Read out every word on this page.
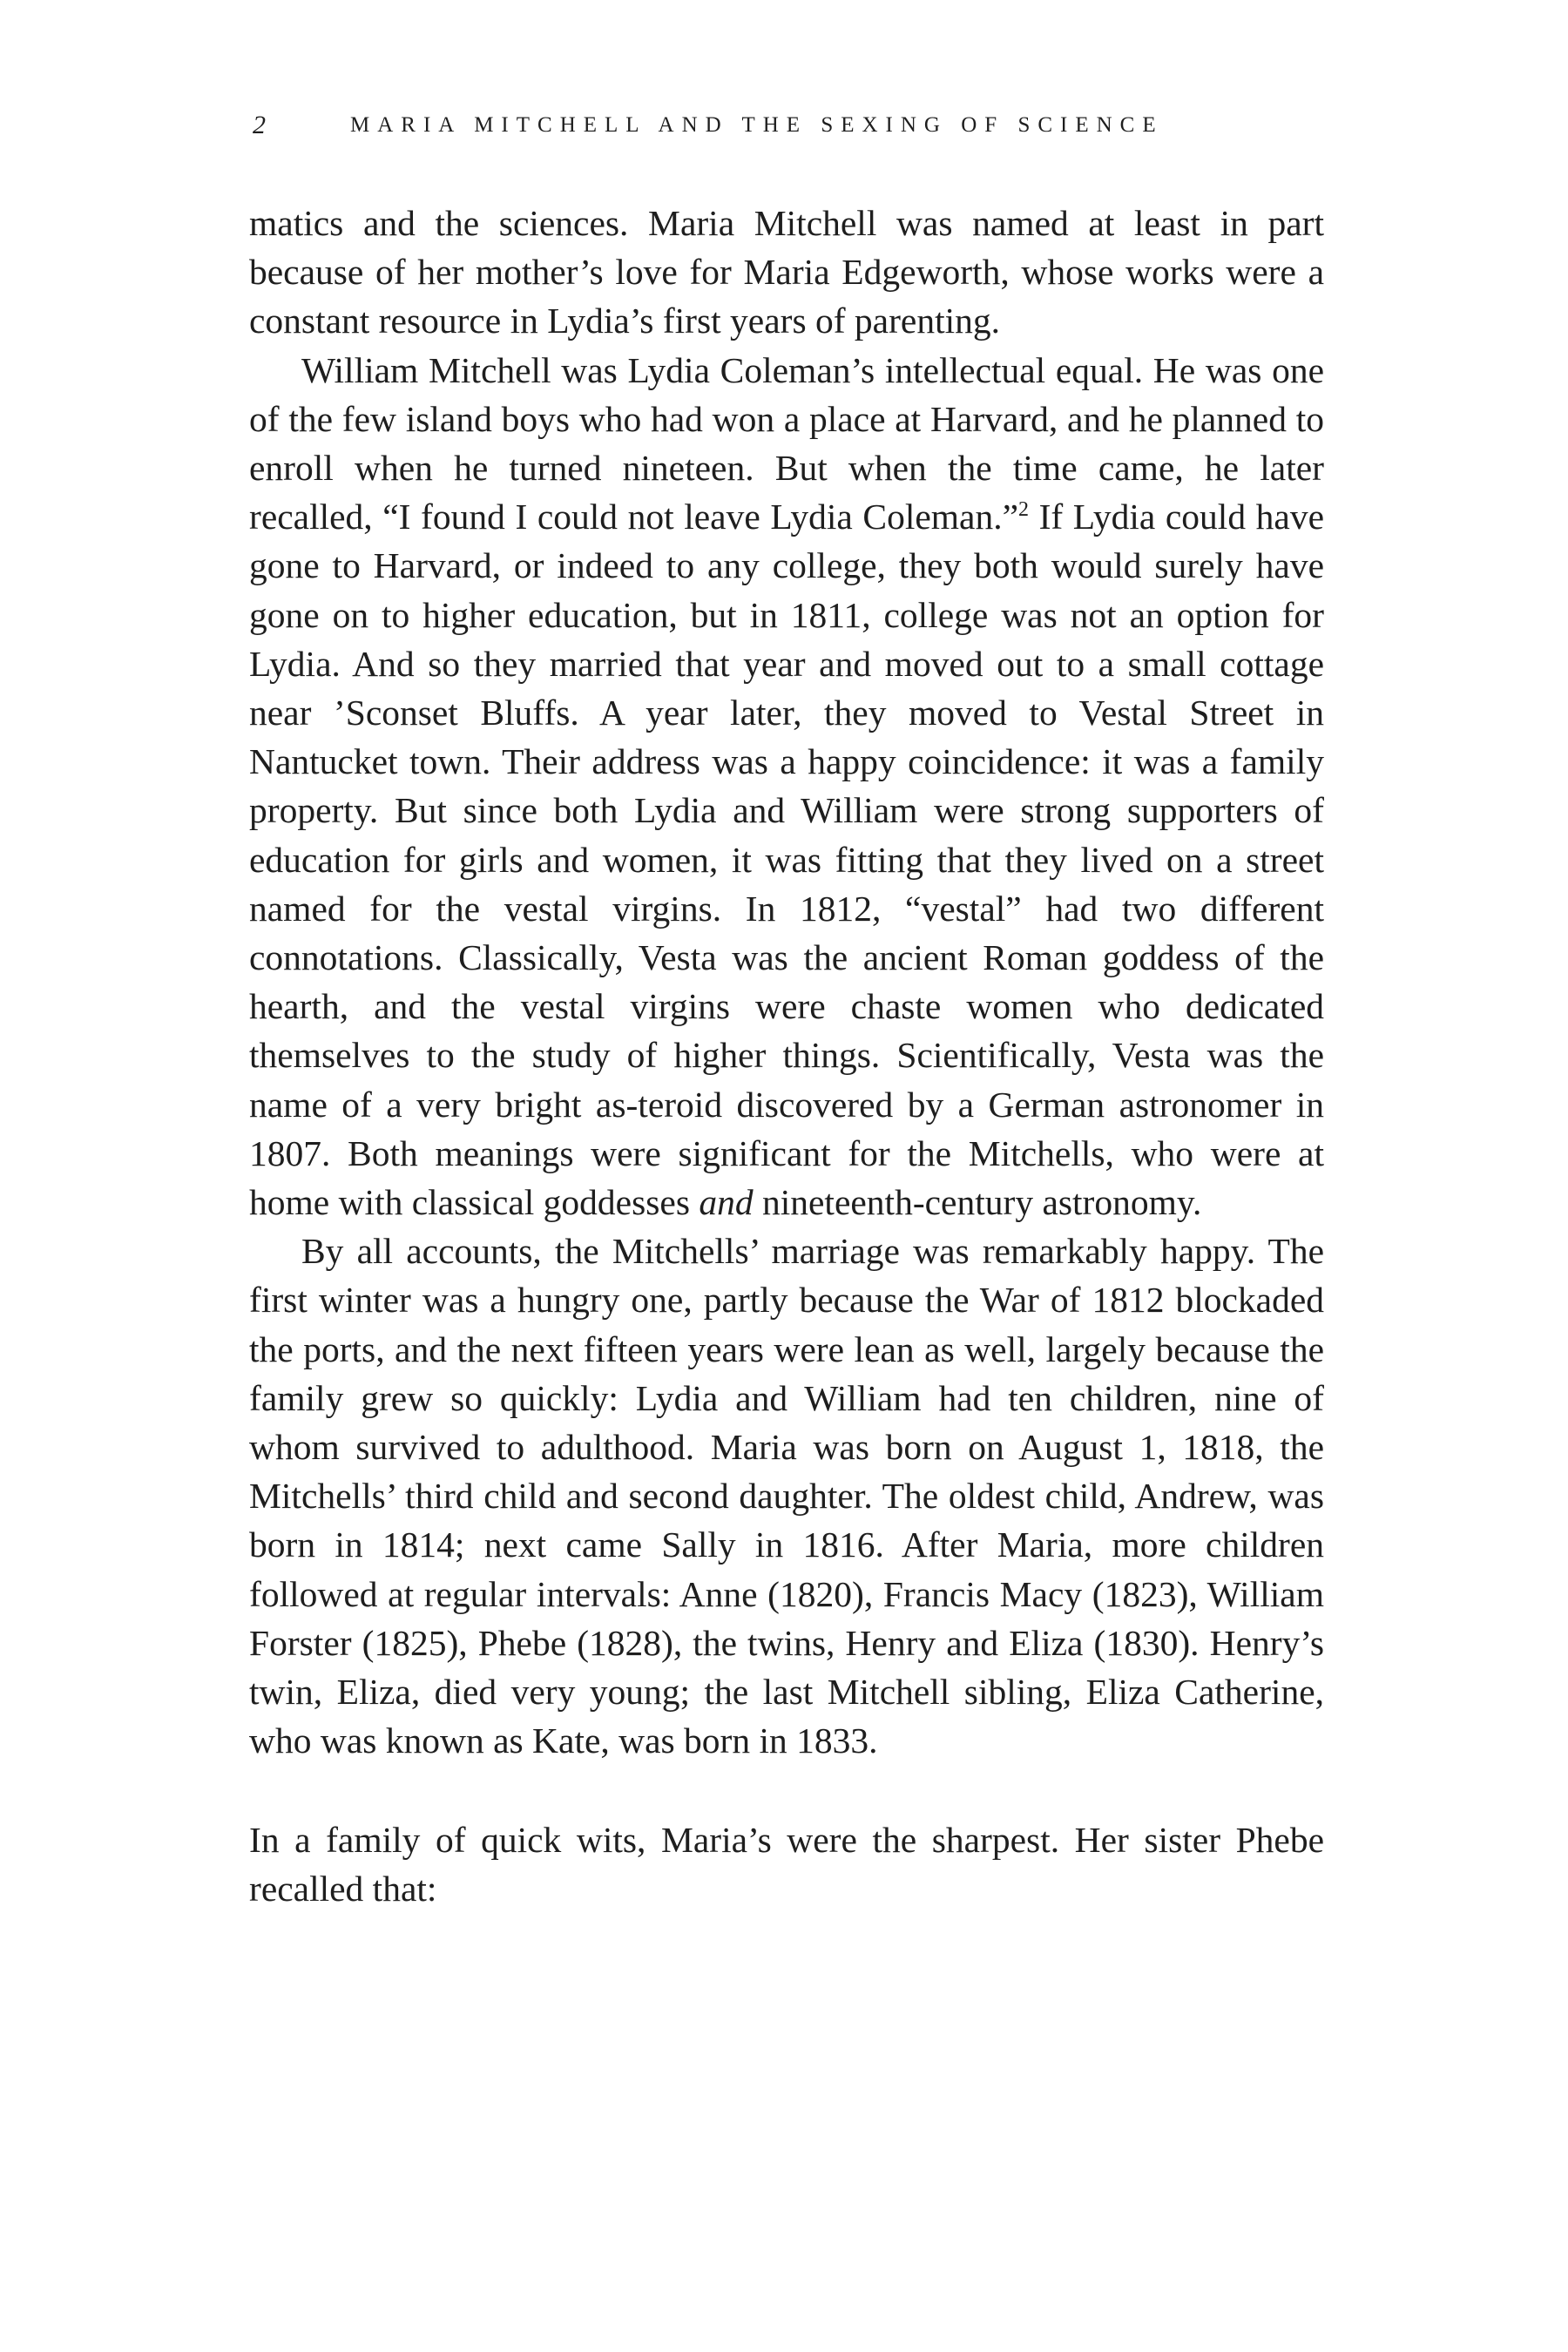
2	MARIA MITCHELL AND THE SEXING OF SCIENCE

matics and the sciences. Maria Mitchell was named at least in part because of her mother’s love for Maria Edgeworth, whose works were a constant resource in Lydia’s first years of parenting.

William Mitchell was Lydia Coleman’s intellectual equal. He was one of the few island boys who had won a place at Harvard, and he planned to enroll when he turned nineteen. But when the time came, he later recalled, “I found I could not leave Lydia Coleman.”$^2$ If Lydia could have gone to Harvard, or indeed to any college, they both would surely have gone on to higher education, but in 1811, college was not an option for Lydia. And so they married that year and moved out to a small cottage near ’Sconset Bluffs. A year later, they moved to Vestal Street in Nantucket town. Their address was a happy coincidence: it was a family property. But since both Lydia and William were strong supporters of education for girls and women, it was fitting that they lived on a street named for the vestal virgins. In 1812, “vestal” had two different connotations. Classically, Vesta was the ancient Roman goddess of the hearth, and the vestal virgins were chaste women who dedicated themselves to the study of higher things. Scientifically, Vesta was the name of a very bright as-teroid discovered by a German astronomer in 1807. Both meanings were significant for the Mitchells, who were at home with classical goddesses and nineteenth-century astronomy.

By all accounts, the Mitchells’ marriage was remarkably happy. The first winter was a hungry one, partly because the War of 1812 blockaded the ports, and the next fifteen years were lean as well, largely because the family grew so quickly: Lydia and William had ten children, nine of whom survived to adulthood. Maria was born on August 1, 1818, the Mitchells’ third child and second daughter. The oldest child, Andrew, was born in 1814; next came Sally in 1816. After Maria, more children followed at regular intervals: Anne (1820), Francis Macy (1823), William Forster (1825), Phebe (1828), the twins, Henry and Eliza (1830). Henry’s twin, Eliza, died very young; the last Mitchell sibling, Eliza Catherine, who was known as Kate, was born in 1833.

In a family of quick wits, Maria’s were the sharpest. Her sister Phebe recalled that:
